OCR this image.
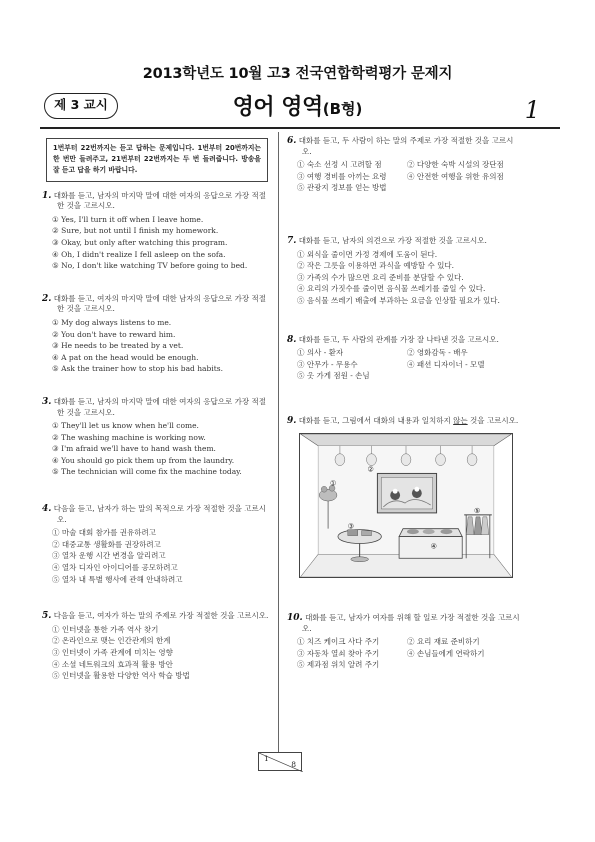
2013학년도 10월 고3 전국연합학력평가 문제지
제 3 교시	영어 영역(B형)	1
1번부터 22번까지는 듣고 답하는 문제입니다. 1번부터 20번까지는 한 번만 들려주고, 21번부터 22번까지는 두 번 들려줍니다. 방송을 잘 듣고 답을 하기 바랍니다.
1. 대화를 듣고, 남자의 마지막 말에 대한 여자의 응답으로 가장 적절한 것을 고르시오.
① Yes, I'll turn it off when I leave home.
② Sure, but not until I finish my homework.
③ Okay, but only after watching this program.
④ Oh, I didn't realize I fell asleep on the sofa.
⑤ No, I don't like watching TV before going to bed.
2. 대화를 듣고, 여자의 마지막 말에 대한 남자의 응답으로 가장 적절한 것을 고르시오.
① My dog always listens to me.
② You don't have to reward him.
③ He needs to be treated by a vet.
④ A pat on the head would be enough.
⑤ Ask the trainer how to stop his bad habits.
3. 대화를 듣고, 남자의 마지막 말에 대한 여자의 응답으로 가장 적절한 것을 고르시오.
① They'll let us know when he'll come.
② The washing machine is working now.
③ I'm afraid we'll have to hand wash them.
④ You should go pick them up from the laundry.
⑤ The technician will come fix the machine today.
4. 다음을 듣고, 남자가 하는 말의 목적으로 가장 적절한 것을 고르시오.
① 마술 대회 참가를 권유하려고
② 대중교통 생활화를 권장하려고
③ 열차 운행 시간 변경을 알리려고
④ 열차 디자인 아이디어를 공모하려고
⑤ 열차 내 특별 행사에 관해 안내하려고
5. 다음을 듣고, 여자가 하는 말의 주제로 가장 적절한 것을 고르시오.
① 인터넷을 통한 가족 역사 찾기
② 온라인으로 맺는 인간관계의 한계
③ 인터넷이 가족 관계에 미치는 영향
④ 소셜 네트워크의 효과적 활용 방안
⑤ 인터넷을 활용한 다양한 역사 학습 방법
6. 대화를 듣고, 두 사람이 하는 말의 주제로 가장 적절한 것을 고르시오.
① 숙소 선정 시 고려할 점	② 다양한 숙박 시설의 장단점
③ 여행 경비를 아끼는 요령	④ 안전한 여행을 위한 유의점
⑤ 관광지 정보를 얻는 방법
7. 대화를 듣고, 남자의 의견으로 가장 적절한 것을 고르시오.
① 외식을 줄이면 가정 경제에 도움이 된다.
② 작은 그릇을 이용하면 과식을 예방할 수 있다.
③ 가족의 수가 많으면 요리 준비를 분담할 수 있다.
④ 요리의 가짓수를 줄이면 음식물 쓰레기를 줄일 수 있다.
⑤ 음식물 쓰레기 배출에 부과하는 요금을 인상할 필요가 있다.
8. 대화를 듣고, 두 사람의 관계를 가장 잘 나타낸 것을 고르시오.
① 의사 - 환자	② 영화감독 - 배우
③ 안무가 - 무용수	④ 패션 디자이너 - 모델
⑤ 옷 가게 점원 - 손님
9. 대화를 듣고, 그림에서 대화의 내용과 일치하지 않는 것을 고르시오.
①
②
③
④
⑤
10. 대화를 듣고, 남자가 여자를 위해 할 일로 가장 적절한 것을 고르시오.
① 치즈 케이크 사다 주기	② 요리 재료 준비하기
③ 자동차 열쇠 찾아 주기	④ 손님들에게 연락하기
⑤ 제과점 위치 알려 주기
1
8
